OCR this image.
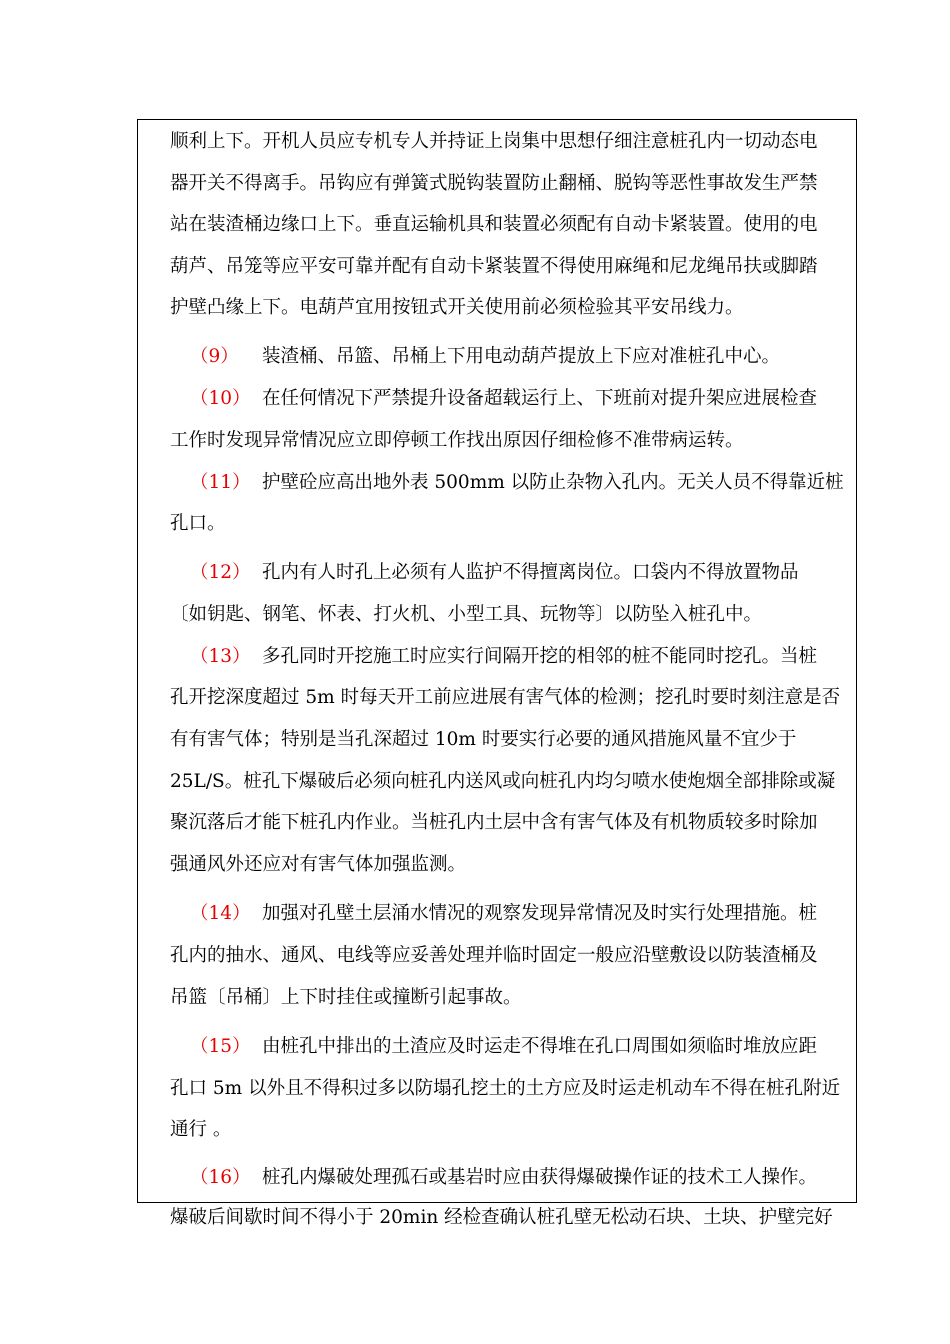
顺利上下。开机人员应专机专人并持证上岗集中思想仔细注意桩孔内一切动态电
器开关不得离手。吊钩应有弹簧式脱钩装置防止翻桶、脱钩等恶性事故发生严禁
站在装渣桶边缘口上下。垂直运输机具和装置必须配有自动卡紧装置。使用的电
葫芦、吊笼等应平安可靠并配有自动卡紧装置不得使用麻绳和尼龙绳吊扶或脚踏
护壁凸缘上下。电葫芦宜用按钮式开关使用前必须检验其平安吊线力。
（9） 装渣桶、吊篮、吊桶上下用电动葫芦提放上下应对准桩孔中心。
（10） 在任何情况下严禁提升设备超载运行上、下班前对提升架应进展检查
工作时发现异常情况应立即停顿工作找出原因仔细检修不准带病运转。
（11） 护壁砼应高出地外表 500mm 以防止杂物入孔内。无关人员不得靠近桩
孔口。
（12） 孔内有人时孔上必须有人监护不得擅离岗位。口袋内不得放置物品
〔如钥匙、钢笔、怀表、打火机、小型工具、玩物等〕以防坠入桩孔中。
（13） 多孔同时开挖施工时应实行间隔开挖的相邻的桩不能同时挖孔。当桩
孔开挖深度超过 5m 时每天开工前应进展有害气体的检测；挖孔时要时刻注意是否
有有害气体；特别是当孔深超过 10m 时要实行必要的通风措施风量不宜少于
25L/S。桩孔下爆破后必须向桩孔内送风或向桩孔内均匀喷水使炮烟全部排除或凝
聚沉落后才能下桩孔内作业。当桩孔内土层中含有害气体及有机物质较多时除加
强通风外还应对有害气体加强监测。
（14） 加强对孔壁土层涌水情况的观察发现异常情况及时实行处理措施。桩
孔内的抽水、通风、电线等应妥善处理并临时固定一般应沿壁敷设以防装渣桶及
吊篮〔吊桶〕上下时挂住或撞断引起事故。
（15） 由桩孔中排出的土渣应及时运走不得堆在孔口周围如须临时堆放应距
孔口 5m 以外且不得积过多以防塌孔挖土的土方应及时运走机动车不得在桩孔附近
通行 。
（16） 桩孔内爆破处理孤石或基岩时应由获得爆破操作证的技术工人操作。
爆破后间歇时间不得小于 20min 经检查确认桩孔壁无松动石块、土块、护壁完好
